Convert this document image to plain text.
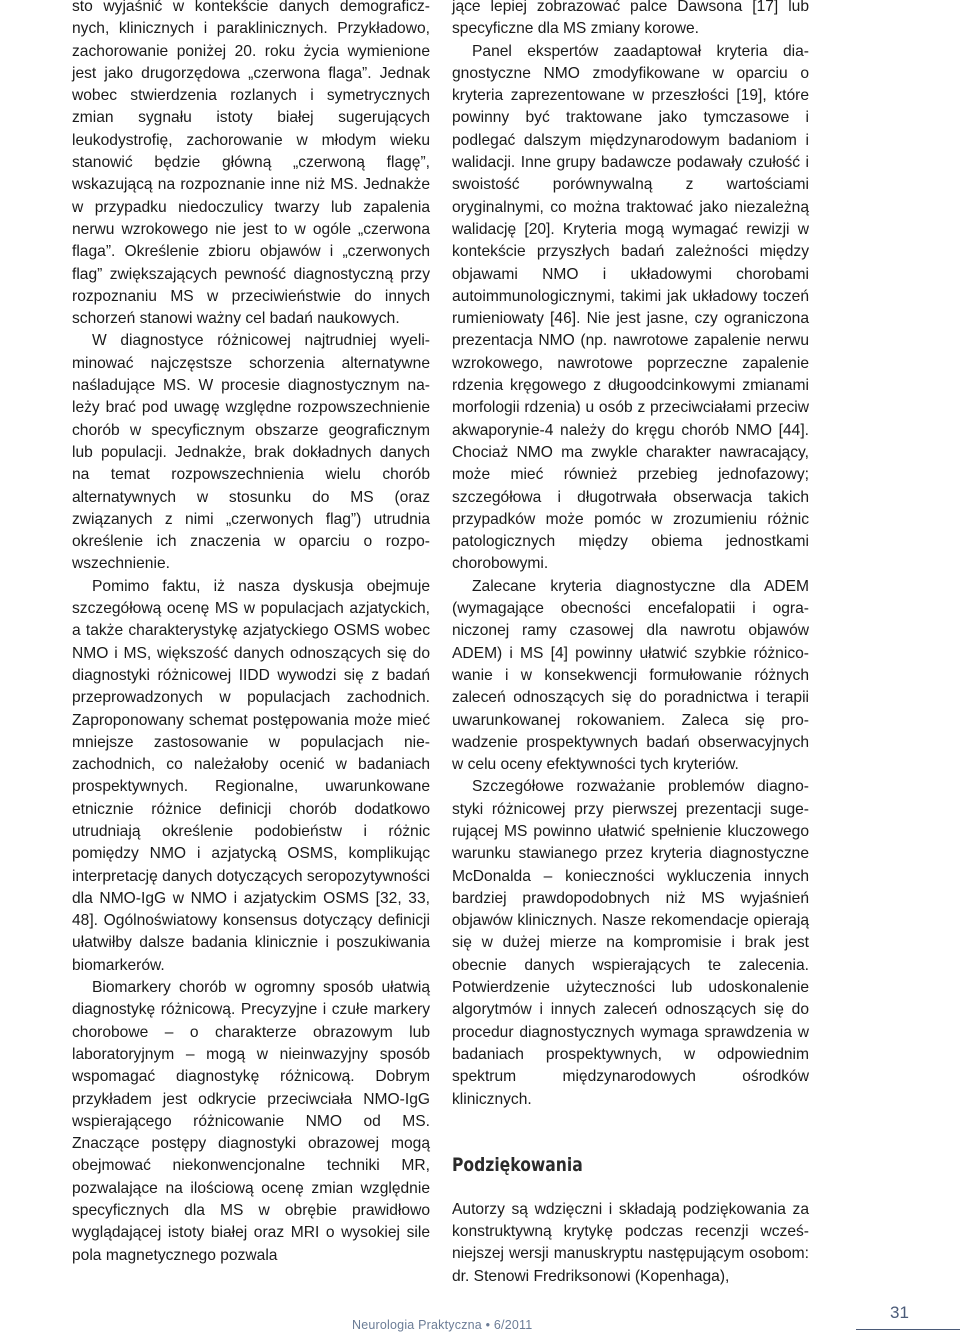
sto wyjaśnić w kontekście danych demograficznych, klinicznych i paraklinicznych. Przykładowo, zachorowanie poniżej 20. roku życia wymienione jest jako drugorzędowa „czerwona flaga”. Jednak wobec stwierdzenia rozlanych i symetrycznych zmian sygnału istoty białej sugerujących leukodystrofię, zachorowanie w młodym wieku stanowić będzie główną „czerwoną flagę”, wskazującą na rozpoznanie inne niż MS. Jednakże w przypadku niedoczulicy twarzy lub zapalenia nerwu wzrokowego nie jest to w ogóle „czerwona flaga”. Określenie zbioru objawów i „czerwonych flag” zwiększających pewność diagnostyczną przy rozpoznaniu MS w przeciwieństwie do innych schorzeń stanowi ważny cel badań naukowych.

W diagnostyce różnicowej najtrudniej wyeliminować najczęstsze schorzenia alternatywne naśladujące MS. W procesie diagnostycznym należy brać pod uwagę względne rozpowszechnienie chorób w specyficznym obszarze geograficznym lub populacji. Jednakże, brak dokładnych danych na temat rozpowszechnienia wielu chorób alternatywnych w stosunku do MS (oraz związanych z nimi „czerwonych flag”) utrudnia określenie ich znaczenia w oparciu o rozpowszechnienie.

Pomimo faktu, iż nasza dyskusja obejmuje szczegółową ocenę MS w populacjach azjatyckich, a także charakterystykę azjatyckiego OSMS wobec NMO i MS, większość danych odnoszących się do diagnostyki różnicowej IIDD wywodzi się z badań przeprowadzonych w populacjach zachodnich. Zaproponowany schemat postępowania może mieć mniejsze zastosowanie w populacjach nie-zachodnich, co należałoby ocenić w badaniach prospektywnych. Regionalne, uwarunkowane etnicznie różnice definicji chorób dodatkowo utrudniają określenie podobieństw i różnic pomiędzy NMO i azjatycką OSMS, komplikując interpretację danych dotyczących seropozytywności dla NMO-IgG w NMO i azjatyckim OSMS [32, 33, 48]. Ogólnoświatowy konsensus dotyczący definicji ułatwiłby dalsze badania klinicznie i poszukiwania biomarkerów.

Biomarkery chorób w ogromny sposób ułatwią diagnostykę różnicową. Precyzyjne i czułe markery chorobowe – o charakterze obrazowym lub laboratoryjnym – mogą w nieinwazyjny sposób wspomagać diagnostykę różnicową. Dobrym przykładem jest odkrycie przeciwciała NMO-IgG wspierającego różnicowanie NMO od MS. Znaczące postępy diagnostyki obrazowej mogą obejmować niekonwencjonalne techniki MR, pozwalające na ilościową ocenę zmian względnie specyficznych dla MS w obrębie prawidłowo wyglądającej istoty białej oraz MRI o wysokiej sile pola magnetycznego pozwala

jące lepiej zobrazować palce Dawsona [17] lub specyficzne dla MS zmiany korowe.

Panel ekspertów zaadaptował kryteria diagnostyczne NMO zmodyfikowane w oparciu o kryteria zaprezentowane w przeszłości [19], które powinny być traktowane jako tymczasowe i podlegać dalszym międzynarodowym badaniom i walidacji. Inne grupy badawcze podawały czułość i swoistość porównywalną z wartościami oryginalnymi, co można traktować jako niezależną walidację [20]. Kryteria mogą wymagać rewizji w kontekście przyszłych badań zależności między objawami NMO i układowymi chorobami autoimmunologicznymi, takimi jak układowy toczeń rumieniowaty [46]. Nie jest jasne, czy ograniczona prezentacja NMO (np. nawrotowe zapalenie nerwu wzrokowego, nawrotowe poprzeczne zapalenie rdzenia kręgowego z długoodcinkowymi zmianami morfologii rdzenia) u osób z przeciwciałami przeciw akwaporynie-4 należy do kręgu chorób NMO [44]. Chociaż NMO ma zwykle charakter nawracający, może mieć również przebieg jednofazowy; szczegółowa i długotrwała obserwacja takich przypadków może pomóc w zrozumieniu różnic patologicznych między obiema jednostkami chorobowymi.

Zalecane kryteria diagnostyczne dla ADEM (wymagające obecności encefalopatii i ograniczonej ramy czasowej dla nawrotu objawów ADEM) i MS [4] powinny ułatwić szybkie różnicowanie i w konsekwencji formułowanie różnych zaleceń odnoszących się do poradnictwa i terapii uwarunkowanej rokowaniem. Zaleca się prowadzenie prospektywnych badań obserwacyjnych w celu oceny efektywności tych kryteriów.

Szczegółowe rozważanie problemów diagnostyki różnicowej przy pierwszej prezentacji sugerującej MS powinno ułatwić spełnienie kluczowego warunku stawianego przez kryteria diagnostyczne McDonalda – konieczności wykluczenia innych bardziej prawdopodobnych niż MS wyjaśnień objawów klinicznych. Nasze rekomendacje opierają się w dużej mierze na kompromisie i brak jest obecnie danych wspierających te zalecenia. Potwierdzenie użyteczności lub udoskonalenie algorytmów i innych zaleceń odnoszących się do procedur diagnostycznych wymaga sprawdzenia w badaniach prospektywnych, w odpowiednim spektrum międzynarodowych ośrodków klinicznych.

Podziękowania

Autorzy są wdzięczni i składają podziękowania za konstruktywną krytykę podczas recenzji wcześniejszej wersji manuskryptu następującym osobom: dr. Stenowi Fredriksonowi (Kopenhaga),

Neurologia Praktyczna • 6/2011
31
